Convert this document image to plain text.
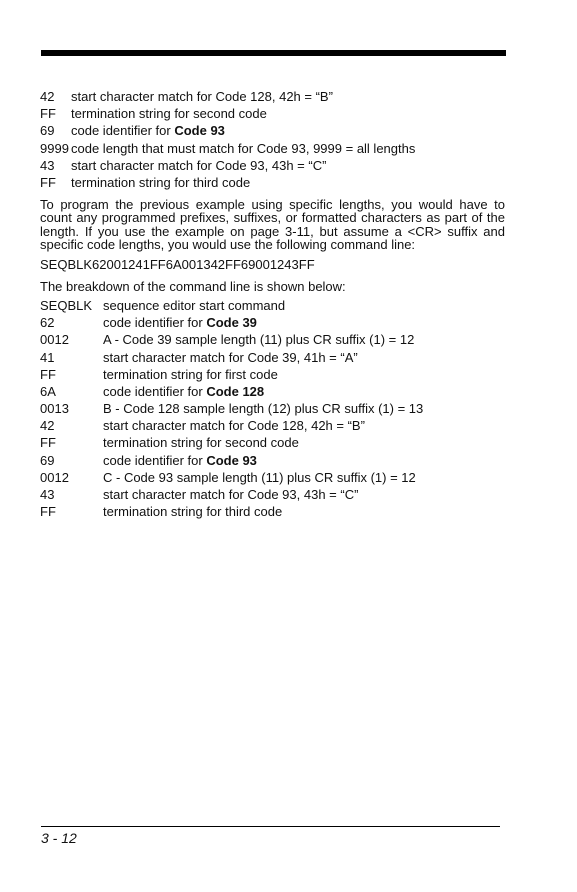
42	start character match for Code 128, 42h = “B”
FF	termination string for second code
69	code identifier for Code 93
9999 code length that must match for Code 93, 9999 = all lengths
43	start character match for Code 93, 43h = “C”
FF	termination string for third code
To program the previous example using specific lengths, you would have to count any programmed prefixes, suffixes, or formatted characters as part of the length. If you use the example on page 3-11, but assume a <CR> suffix and specific code lengths, you would use the following command line:
SEQBLK62001241FF6A001342FF69001243FF
The breakdown of the command line is shown below:
SEQBLK sequence editor start command
62	code identifier for Code 39
0012	A - Code 39 sample length (11) plus CR suffix (1) = 12
41	start character match for Code 39, 41h = “A”
FF	termination string for first code
6A	code identifier for Code 128
0013	B - Code 128 sample length (12) plus CR suffix (1) = 13
42	start character match for Code 128, 42h = “B”
FF	termination string for second code
69	code identifier for Code 93
0012	C - Code 93 sample length (11) plus CR suffix (1) = 12
43	start character match for Code 93, 43h = “C”
FF	termination string for third code
3 - 12
